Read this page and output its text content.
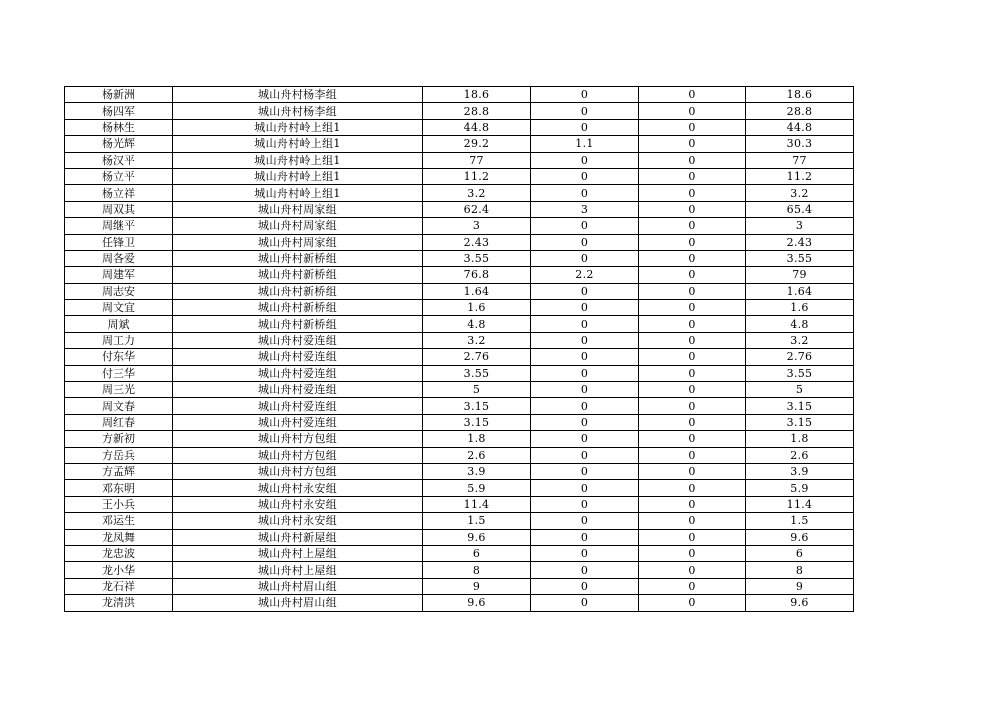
杨新洲	城山舟村杨李组	18.6	0	0	18.6
杨四军	城山舟村杨李组	28.8	0	0	28.8
杨林生	城山舟村岭上组1	44.8	0	0	44.8
杨光辉	城山舟村岭上组1	29.2	1.1	0	30.3
杨汉平	城山舟村岭上组1	77	0	0	77
杨立平	城山舟村岭上组1	11.2	0	0	11.2
杨立祥	城山舟村岭上组1	3.2	0	0	3.2
周双其	城山舟村周家组	62.4	3	0	65.4
周继平	城山舟村周家组	3	0	0	3
任锋卫	城山舟村周家组	2.43	0	0	2.43
周各爱	城山舟村新桥组	3.55	0	0	3.55
周建军	城山舟村新桥组	76.8	2.2	0	79
周志安	城山舟村新桥组	1.64	0	0	1.64
周文宜	城山舟村新桥组	1.6	0	0	1.6
周斌	城山舟村新桥组	4.8	0	0	4.8
周工力	城山舟村爱连组	3.2	0	0	3.2
付东华	城山舟村爱连组	2.76	0	0	2.76
付三华	城山舟村爱连组	3.55	0	0	3.55
周三光	城山舟村爱连组	5	0	0	5
周文春	城山舟村爱连组	3.15	0	0	3.15
周红春	城山舟村爱连组	3.15	0	0	3.15
方新初	城山舟村方包组	1.8	0	0	1.8
方岳兵	城山舟村方包组	2.6	0	0	2.6
方孟辉	城山舟村方包组	3.9	0	0	3.9
邓东明	城山舟村永安组	5.9	0	0	5.9
王小兵	城山舟村永安组	11.4	0	0	11.4
邓运生	城山舟村永安组	1.5	0	0	1.5
龙凤舞	城山舟村新屋组	9.6	0	0	9.6
龙忠波	城山舟村上屋组	6	0	0	6
龙小华	城山舟村上屋组	8	0	0	8
龙石祥	城山舟村眉山组	9	0	0	9
龙清洪	城山舟村眉山组	9.6	0	0	9.6
